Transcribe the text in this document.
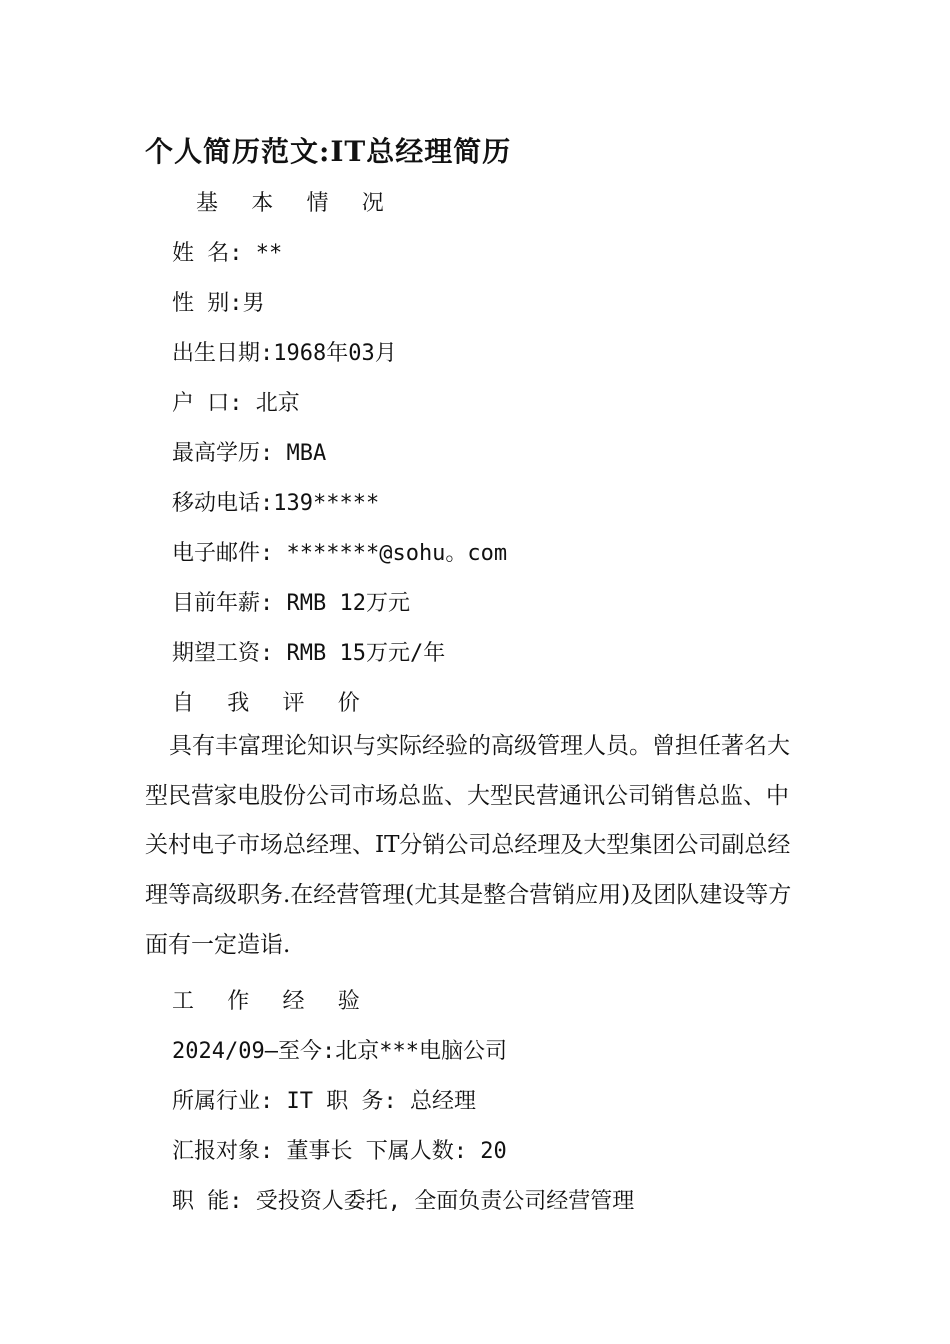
个人简历范文:IT总经理简历
基 本 情 况
姓 名: **
性 别:男
出生日期:1968年03月
户 口: 北京
最高学历: MBA
移动电话:139*****
电子邮件: *******@sohu。com
目前年薪: RMB 12万元
期望工资: RMB 15万元/年
自 我 评 价

具有丰富理论知识与实际经验的高级管理人员。曾担任著名大型民营家电股份公司市场总监、大型民营通讯公司销售总监、中关村电子市场总经理、IT分销公司总经理及大型集团公司副总经理等高级职务.在经营管理(尤其是整合营销应用)及团队建设等方面有一定造诣.

工 作 经 验
2024/09—至今:北京***电脑公司
所属行业: IT 职 务: 总经理
汇报对象: 董事长 下属人数: 20
职 能: 受投资人委托, 全面负责公司经营管理
